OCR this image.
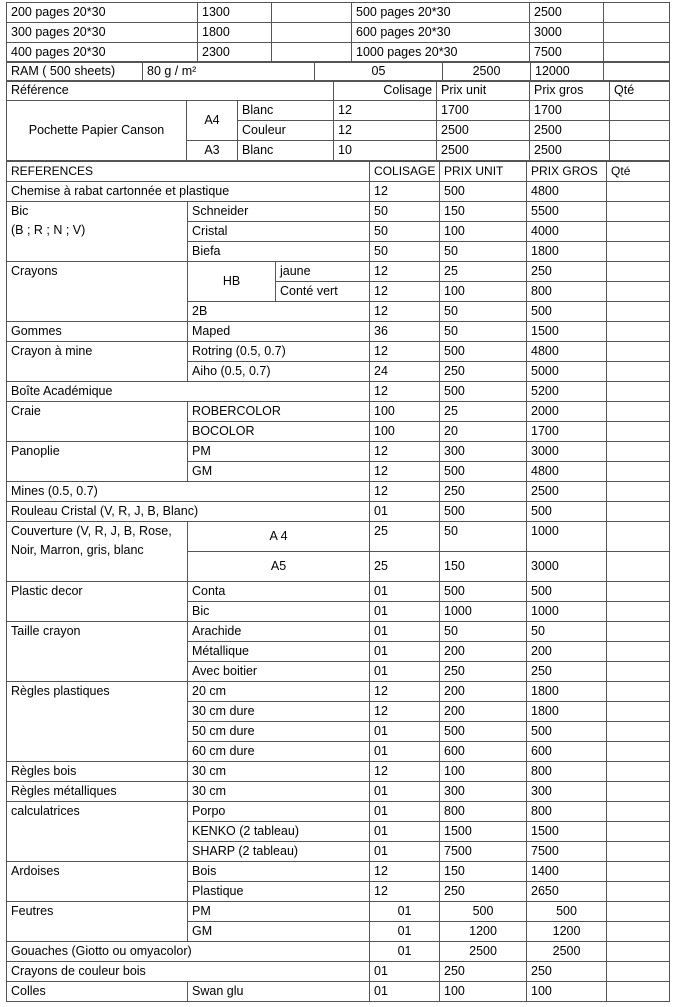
200 pages 20*30	1300		500 pages 20*30	2500	
300 pages 20*30	1800		600 pages 20*30	3000	
400 pages 20*30	2300		1000 pages 20*30	7500	
RAM ( 500 sheets)	80 g / m²	05	2500	12000	
Référence			Colisage	Prix unit	Prix gros	Qté
Pochette Papier Canson	A4	Blanc	12	1700	1700	
		Couleur	12	2500	2500	
	A3	Blanc	10	2500	2500	
REFERENCES			COLISAGE	PRIX UNIT	PRIX GROS	Qté
Chemise à rabat cartonnée et plastique			12	500	4800	
Bic
(B ; R ; N ; V)	Schneider		50	150	5500	
	Cristal		50	100	4000	
	Biefa		50	50	1800	
Crayons	HB	jaune	12	25	250	
		Conté vert	12	100	800	
	2B		12	50	500	
Gommes	Maped		36	50	1500	
Crayon à mine	Rotring (0.5, 0.7)		12	500	4800	
	Aiho (0.5, 0.7)		24	250	5000	
Boîte Académique			12	500	5200	
Craie	ROBERCOLOR		100	25	2000	
	BOCOLOR		100	20	1700	
Panoplie	PM		12	300	3000	
	GM		12	500	4800	
Mines (0.5, 0.7)			12	250	2500	
Rouleau Cristal (V, R, J, B, Blanc)			01	500	500	
Couverture (V, R, J, B, Rose, Noir, Marron, gris, blanc	A 4		25	50	1000	
	A5		25	150	3000	
Plastic decor	Conta		01	500	500	
	Bic		01	1000	1000	
Taille crayon	Arachide		01	50	50	
	Métallique		01	200	200	
	Avec boitier		01	250	250	
Règles plastiques	20 cm		12	200	1800	
	30 cm dure		12	200	1800	
	50 cm dure		01	500	500	
	60 cm dure		01	600	600	
Règles bois	30 cm		12	100	800	
Règles métalliques	30 cm		01	300	300	
calculatrices	Porpo		01	800	800	
	KENKO (2 tableau)		01	1500	1500	
	SHARP (2 tableau)		01	7500	7500	
Ardoises	Bois		12	150	1400	
	Plastique		12	250	2650	
Feutres	PM		01	500	500	
	GM		01	1200	1200	
Gouaches (Giotto ou omyacolor)			01	2500	2500	
Crayons de couleur bois			01	250	250	
Colles	Swan glu		01	100	100	
